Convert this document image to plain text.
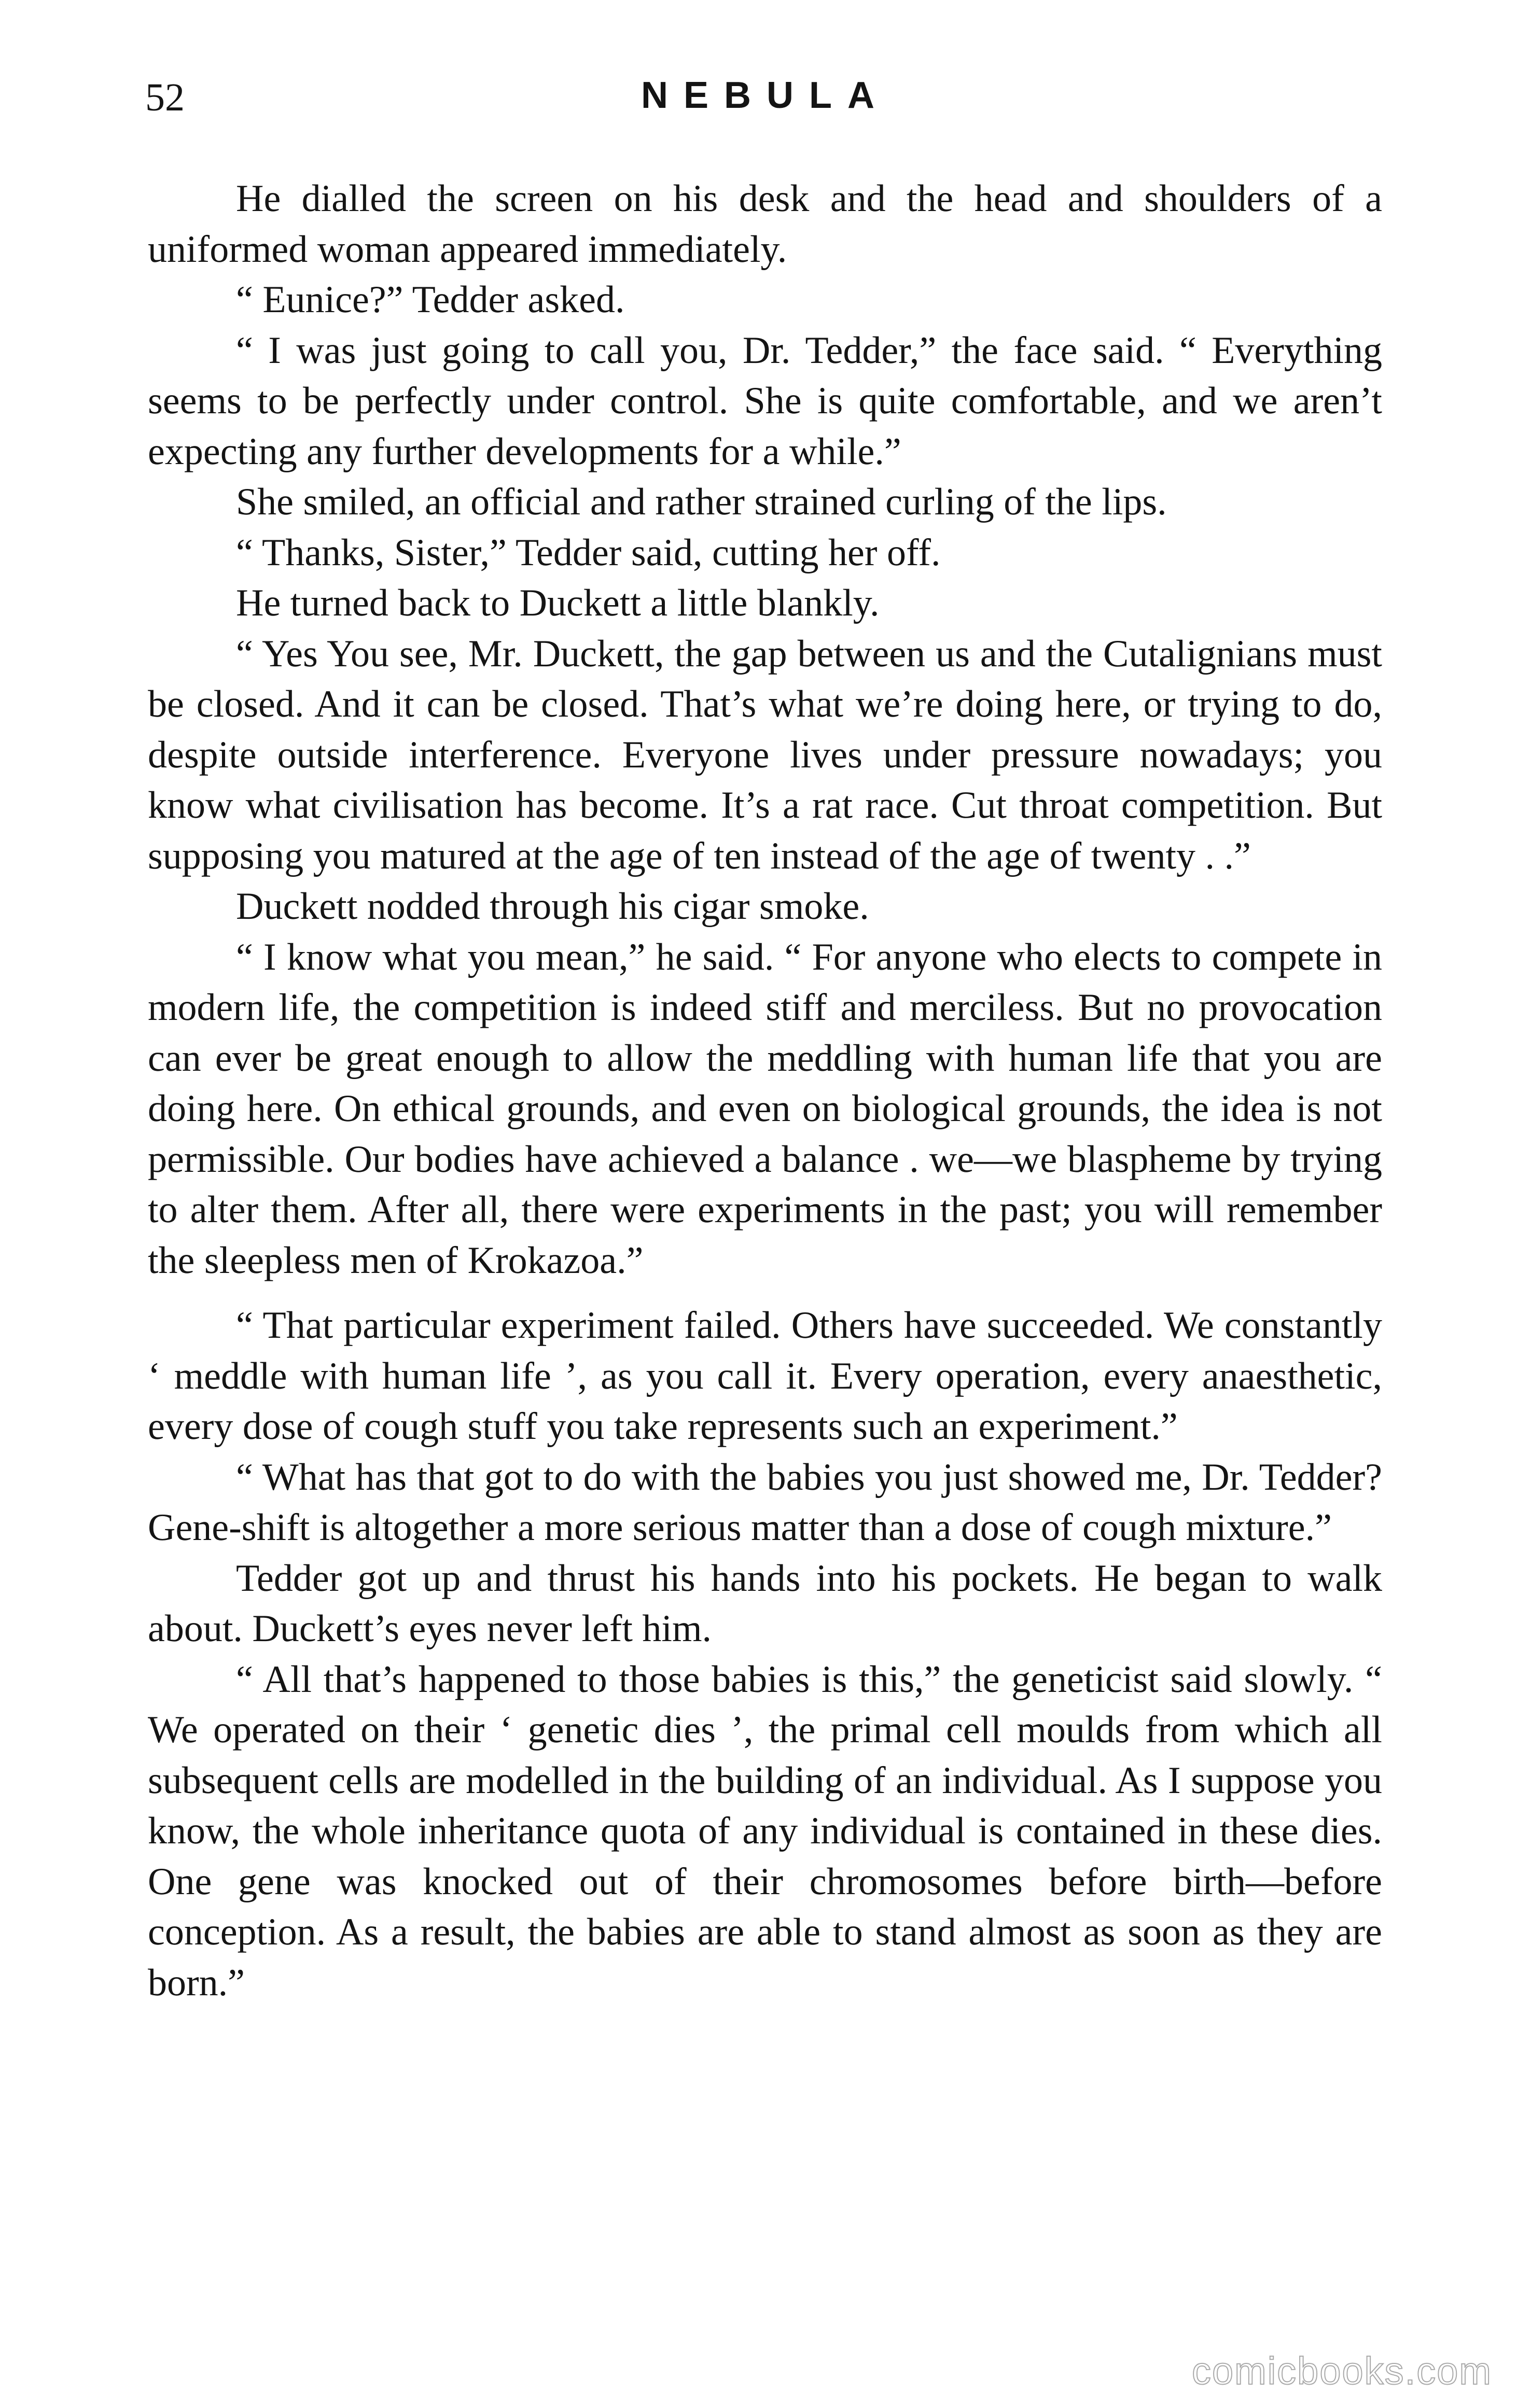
52	NEBULA

He dialled the screen on his desk and the head and shoulders of a uniformed woman appeared immediately.

“ Eunice?” Tedder asked.

“ I was just going to call you, Dr. Tedder,” the face said. “ Everything seems to be perfectly under control. She is quite comfortable, and we aren’t expecting any further developments for a while.”

She smiled, an official and rather strained curling of the lips.

“ Thanks, Sister,” Tedder said, cutting her off.

He turned back to Duckett a little blankly.

“ Yes You see, Mr. Duckett, the gap between us and the Cutalignians must be closed. And it can be closed. That’s what we’re doing here, or trying to do, despite outside interference. Everyone lives under pressure nowadays; you know what civilisation has become. It’s a rat race. Cut throat competition. But supposing you matured at the age of ten instead of the age of twenty . .”

Duckett nodded through his cigar smoke.

“ I know what you mean,” he said. “ For anyone who elects to compete in modern life, the competition is indeed stiff and merciless. But no provocation can ever be great enough to allow the meddling with human life that you are doing here. On ethical grounds, and even on biological grounds, the idea is not permissible. Our bodies have achieved a balance . we—we blaspheme by trying to alter them. After all, there were experiments in the past; you will remember the sleepless men of Krokazoa.”

“ That particular experiment failed. Others have succeeded. We constantly ‘ meddle with human life ’, as you call it. Every operation, every anaesthetic, every dose of cough stuff you take represents such an experiment.”

“ What has that got to do with the babies you just showed me, Dr. Tedder? Gene-shift is altogether a more serious matter than a dose of cough mixture.”

Tedder got up and thrust his hands into his pockets. He began to walk about. Duckett’s eyes never left him.

“ All that’s happened to those babies is this,” the geneticist said slowly. “ We operated on their ‘ genetic dies ’, the primal cell moulds from which all subsequent cells are modelled in the building of an individual. As I suppose you know, the whole inheritance quota of any individual is contained in these dies. One gene was knocked out of their chromosomes before birth—before conception. As a result, the babies are able to stand almost as soon as they are born.”

comicbooks.com
